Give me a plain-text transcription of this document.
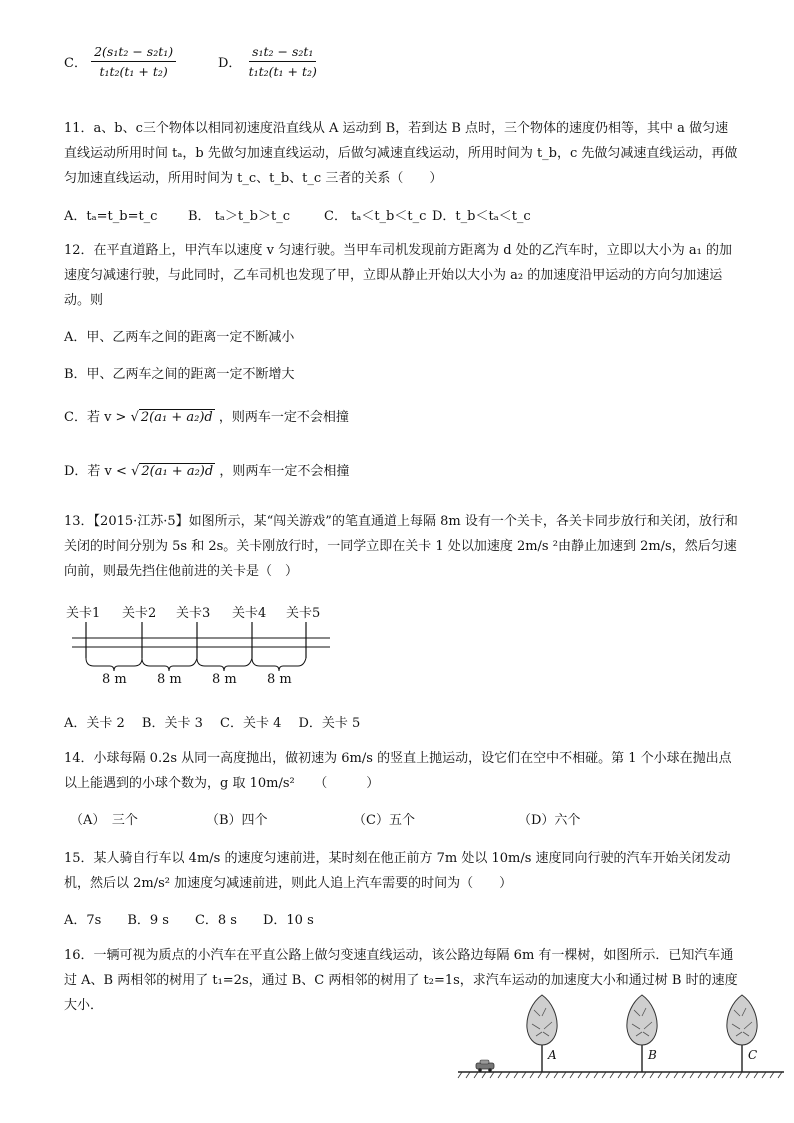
C． $\frac{\text{2(s₁t₂ − s₂t₁)}}{\text{t₁t₂(t₁ + t₂)}}$	D． $\frac{\text{s₁t₂ − s₂t₁}}{\text{t₁t₂(t₁ + t₂)}}$
11．a、b、c三个物体以相同初速度沿直线从 A 运动到 B，若到达 B 点时，三个物体的速度仍相等，其中 a 做匀速直线运动所用时间 tₐ，b 先做匀加速直线运动，后做匀减速直线运动，所用时间为 t_b，c 先做匀减速直线运动，再做匀加速直线运动，所用时间为 t_c、t_b、t_c 三者的关系（　　）
A．tₐ=t_b=t_c B． tₐ＞t_b＞t_c	C． tₐ＜t_b＜t_c D．t_b＜tₐ＜t_c
12．在平直道路上，甲汽车以速度 v 匀速行驶。当甲车司机发现前方距离为 d 处的乙汽车时，立即以大小为 a₁ 的加速度匀减速行驶，与此同时，乙车司机也发现了甲，立即从静止开始以大小为 a₂ 的加速度沿甲运动的方向匀加速运动。则
A．甲、乙两车之间的距离一定不断减小
B．甲、乙两车之间的距离一定不断增大
C．若 v > √ 2(a₁ + a₂)d ，则两车一定不会相撞
D．若 v < √ 2(a₁ + a₂)d ，则两车一定不会相撞
13．【2015·江苏·5】如图所示，某“闯关游戏”的笔直通道上每隔 8m 设有一个关卡，各关卡同步放行和关闭，放行和关闭的时间分别为 5s 和 2s。关卡刚放行时，一同学立即在关卡 1 处以加速度 2m/s ²由静止加速到 2m/s，然后匀速向前，则最先挡住他前进的关卡是（　）
关卡1 关卡2 关卡3 关卡4 关卡5
8 m 8 m 8 m 8 m
A．关卡 2　 B．关卡 3　 C．关卡 4　 D．关卡 5
14．小球每隔 0.2s 从同一高度抛出，做初速为 6m/s 的竖直上抛运动，设它们在空中不相碰。第 1 个小球在抛出点以上能遇到的小球个数为，g 取 10m/s²　　（　　　）
（A）　三个	（B）四个	（C）五个	（D）六个
15．某人骑自行车以 4m/s 的速度匀速前进，某时刻在他正前方 7m 处以 10m/s 速度同向行驶的汽车开始关闭发动机，然后以 2m/s² 加速度匀减速前进，则此人追上汽车需要的时间为（　　）
A．7s　　B．9 s　　C．8 s　　D．10 s
16．一辆可视为质点的小汽车在平直公路上做匀变速直线运动，该公路边每隔 6m 有一棵树，如图所示．已知汽车通过 A、B 两相邻的树用了 t₁=2s，通过 B、C 两相邻的树用了 t₂=1s，求汽车运动的加速度大小和通过树 B 时的速度大小．
A	B	C
